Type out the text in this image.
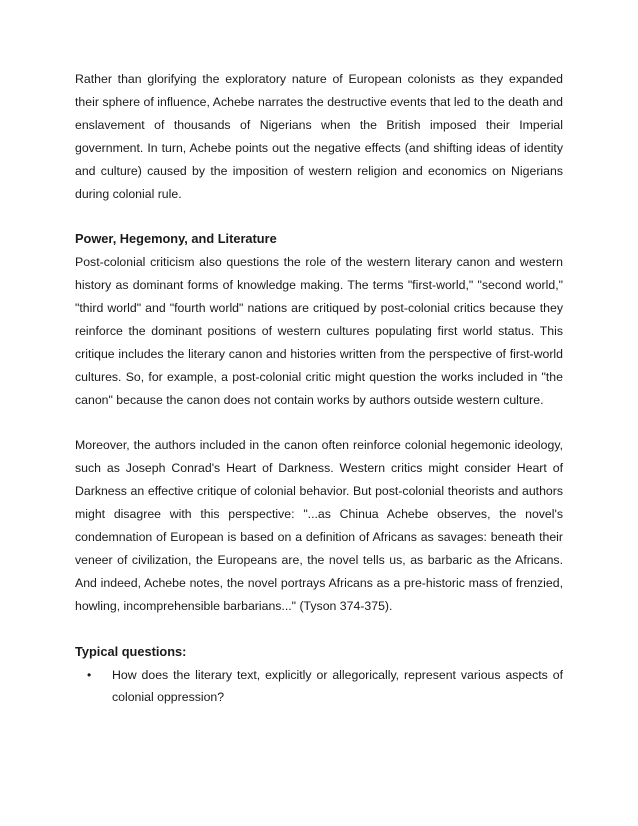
Rather than glorifying the exploratory nature of European colonists as they expanded their sphere of influence, Achebe narrates the destructive events that led to the death and enslavement of thousands of Nigerians when the British imposed their Imperial government. In turn, Achebe points out the negative effects (and shifting ideas of identity and culture) caused by the imposition of western religion and economics on Nigerians during colonial rule.

Power, Hegemony, and Literature

Post-colonial criticism also questions the role of the western literary canon and western history as dominant forms of knowledge making. The terms "first-world," "second world," "third world" and "fourth world" nations are critiqued by post-colonial critics because they reinforce the dominant positions of western cultures populating first world status. This critique includes the literary canon and histories written from the perspective of first-world cultures. So, for example, a post-colonial critic might question the works included in "the canon" because the canon does not contain works by authors outside western culture.

Moreover, the authors included in the canon often reinforce colonial hegemonic ideology, such as Joseph Conrad's Heart of Darkness. Western critics might consider Heart of Darkness an effective critique of colonial behavior. But post-colonial theorists and authors might disagree with this perspective: "...as Chinua Achebe observes, the novel's condemnation of European is based on a definition of Africans as savages: beneath their veneer of civilization, the Europeans are, the novel tells us, as barbaric as the Africans. And indeed, Achebe notes, the novel portrays Africans as a pre-historic mass of frenzied, howling, incomprehensible barbarians..." (Tyson 374-375).

Typical questions:

• How does the literary text, explicitly or allegorically, represent various aspects of colonial oppression?
